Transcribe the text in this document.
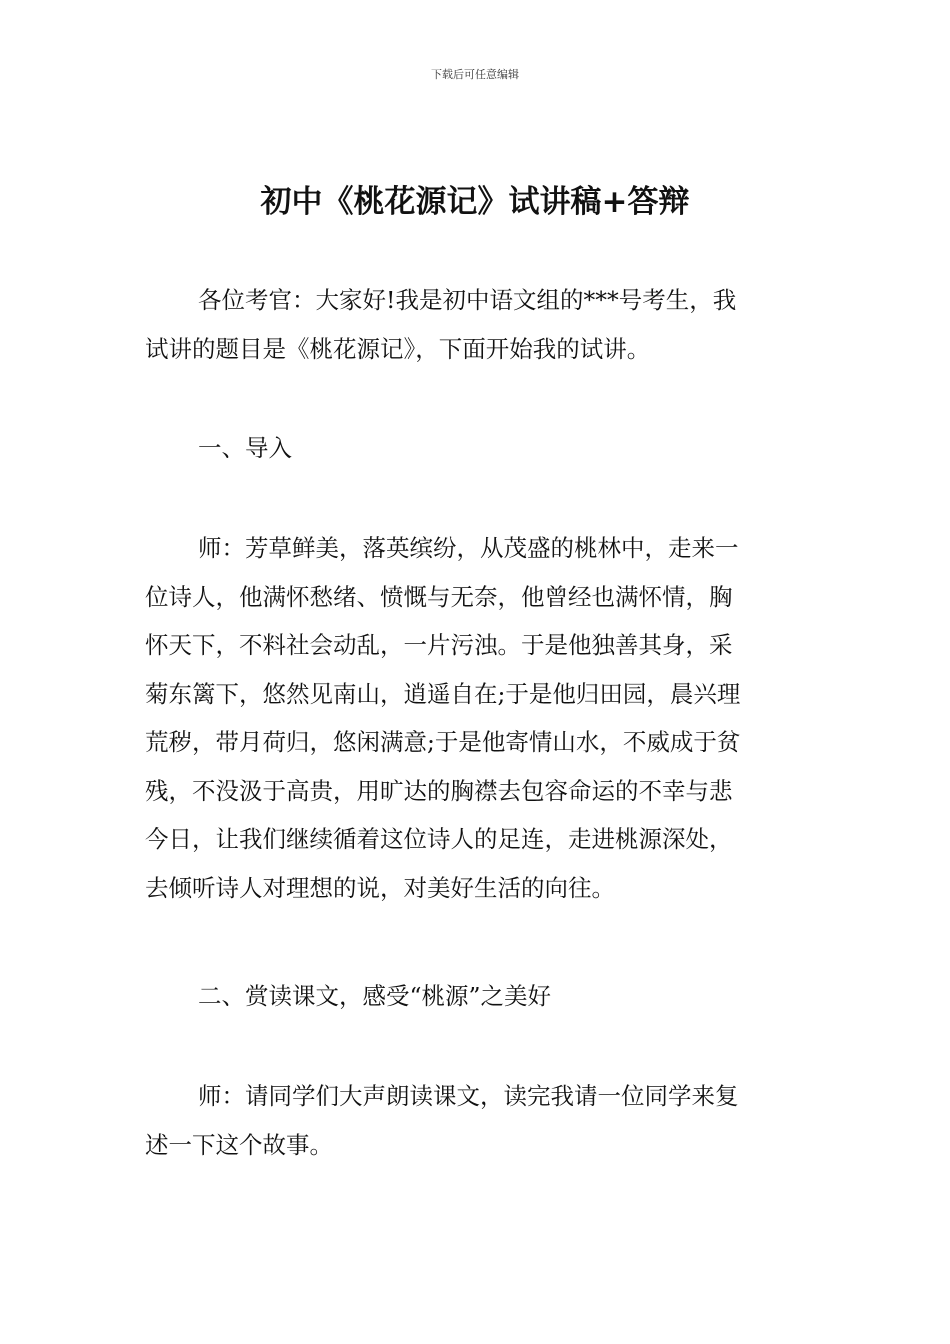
下载后可任意编辑
初中《桃花源记》试讲稿+答辩
各位考官：大家好!我是初中语文组的***号考生，我
试讲的题目是《桃花源记》，下面开始我的试讲。
一、导入
师：芳草鲜美，落英缤纷，从茂盛的桃林中，走来一
位诗人，他满怀愁绪、愤慨与无奈，他曾经也满怀情，胸
怀天下，不料社会动乱，一片污浊。于是他独善其身，采
菊东篱下，悠然见南山，逍遥自在;于是他归田园，晨兴理
荒秽，带月荷归，悠闲满意;于是他寄情山水，不威成于贫
残，不没汲于高贵，用旷达的胸襟去包容命运的不幸与悲
今日，让我们继续循着这位诗人的足连，走进桃源深处，
去倾听诗人对理想的说，对美好生活的向往。
二、赏读课文，感受“桃源”之美好
师：请同学们大声朗读课文，读完我请一位同学来复
述一下这个故事。
